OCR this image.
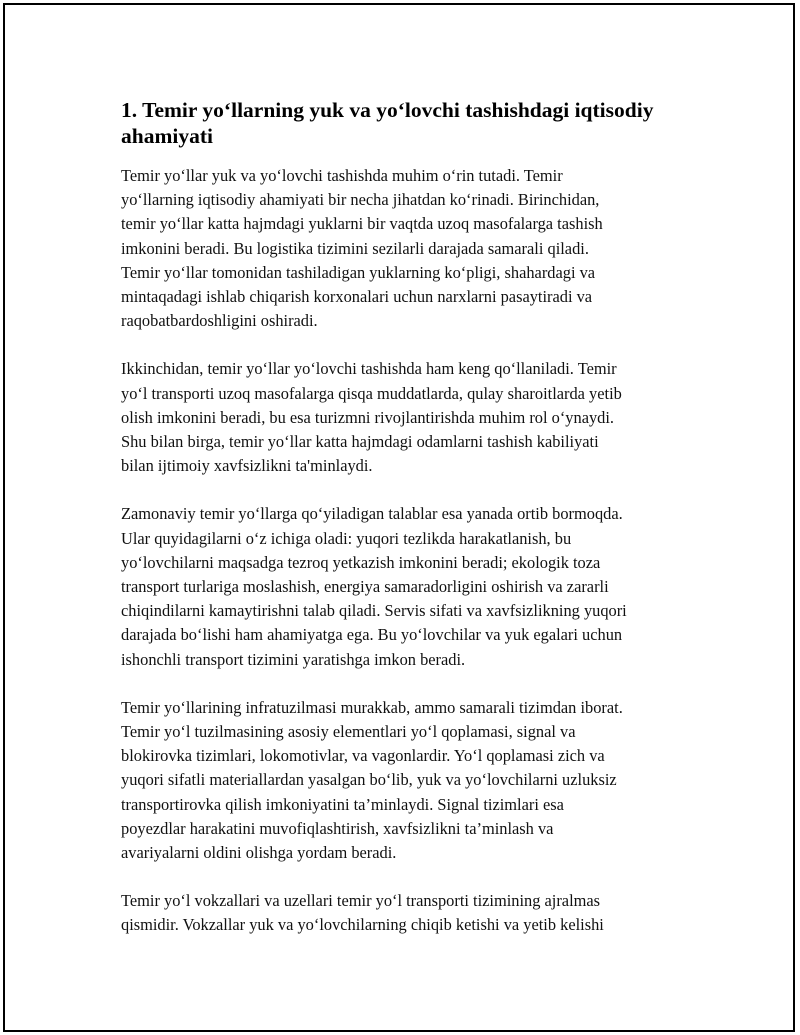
1. Temir yo‘llarning yuk va yo‘lovchi tashishdagi iqtisodiy
ahamiyati

Temir yo‘llar yuk va yo‘lovchi tashishda muhim o‘rin tutadi. Temir
yo‘llarning iqtisodiy ahamiyati bir necha jihatdan ko‘rinadi. Birinchidan,
temir yo‘llar katta hajmdagi yuklarni bir vaqtda uzoq masofalarga tashish
imkonini beradi. Bu logistika tizimini sezilarli darajada samarali qiladi.
Temir yo‘llar tomonidan tashiladigan yuklarning ko‘pligi, shahardagi va
mintaqadagi ishlab chiqarish korxonalari uchun narxlarni pasaytiradi va
raqobatbardoshligini oshiradi.

Ikkinchidan, temir yo‘llar yo‘lovchi tashishda ham keng qo‘llaniladi. Temir
yo‘l transporti uzoq masofalarga qisqa muddatlarda, qulay sharoitlarda yetib
olish imkonini beradi, bu esa turizmni rivojlantirishda muhim rol o‘ynaydi.
Shu bilan birga, temir yo‘llar katta hajmdagi odamlarni tashish kabiliyati
bilan ijtimoiy xavfsizlikni ta'minlaydi.

Zamonaviy temir yo‘llarga qo‘yiladigan talablar esa yanada ortib bormoqda.
Ular quyidagilarni o‘z ichiga oladi: yuqori tezlikda harakatlanish, bu
yo‘lovchilarni maqsadga tezroq yetkazish imkonini beradi; ekologik toza
transport turlariga moslashish, energiya samaradorligini oshirish va zararli
chiqindilarni kamaytirishni talab qiladi. Servis sifati va xavfsizlikning yuqori
darajada bo‘lishi ham ahamiyatga ega. Bu yo‘lovchilar va yuk egalari uchun
ishonchli transport tizimini yaratishga imkon beradi.

Temir yo‘llarining infratuzilmasi murakkab, ammo samarali tizimdan iborat.
Temir yo‘l tuzilmasining asosiy elementlari yo‘l qoplamasi, signal va
blokirovka tizimlari, lokomotivlar, va vagonlardir. Yo‘l qoplamasi zich va
yuqori sifatli materiallardan yasalgan bo‘lib, yuk va yo‘lovchilarni uzluksiz
transportirovka qilish imkoniyatini ta’minlaydi. Signal tizimlari esa
poyezdlar harakatini muvofiqlashtirish, xavfsizlikni ta’minlash va
avariyalarni oldini olishga yordam beradi.

Temir yo‘l vokzallari va uzellari temir yo‘l transporti tizimining ajralmas
qismidir. Vokzallar yuk va yo‘lovchilarning chiqib ketishi va yetib kelishi
